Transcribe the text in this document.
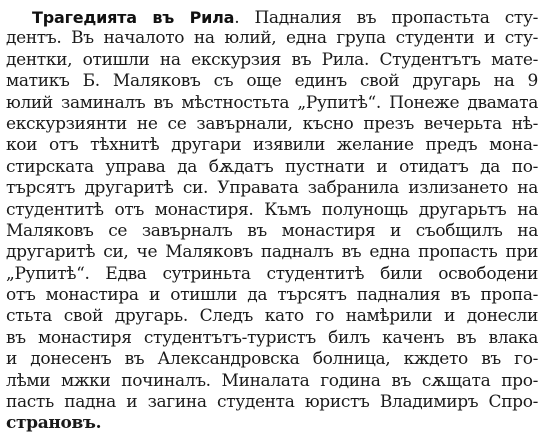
Трагедията въ Рила. Падналия въ пропастьта сту-
дентъ. Въ началото на юлий, една група студенти и сту-
дентки, отишли на екскурзия въ Рила. Студентътъ мате-
матикъ Б. Маляковъ съ още единъ свой другарь на 9
юлий заминалъ въ мѣстностьта „Рупитѣ“. Понеже двамата
екскурзиянти не се завърнали, късно презъ вечерьта нѣ-
кои отъ тѣхнитѣ другари изявили желание предъ мона-
стирската управа да бѫдатъ пустнати и отидатъ да по-
търсятъ другаритѣ си. Управата забранила излизането на
студентитѣ отъ монастиря. Къмъ полунощь другарьтъ на
Маляковъ се завърналъ въ монастиря и съобщилъ на
другаритѣ си, че Маляковъ падналъ въ една пропасть при
„Рупитѣ“. Едва сутриньта студентитѣ били освободени
отъ монастира и отишли да търсятъ падналия въ пропа-
стьта свой другарь. Следъ като го намѣрили и донесли
въ монастиря студентътъ-туристъ билъ каченъ въ влака
и донесенъ въ Александровска болница, кждето въ го-
лѣми мжки починалъ. Миналата година въ сѫщата про-
пасть падна и загина студента юристъ Владимиръ Спро-
страновъ.
